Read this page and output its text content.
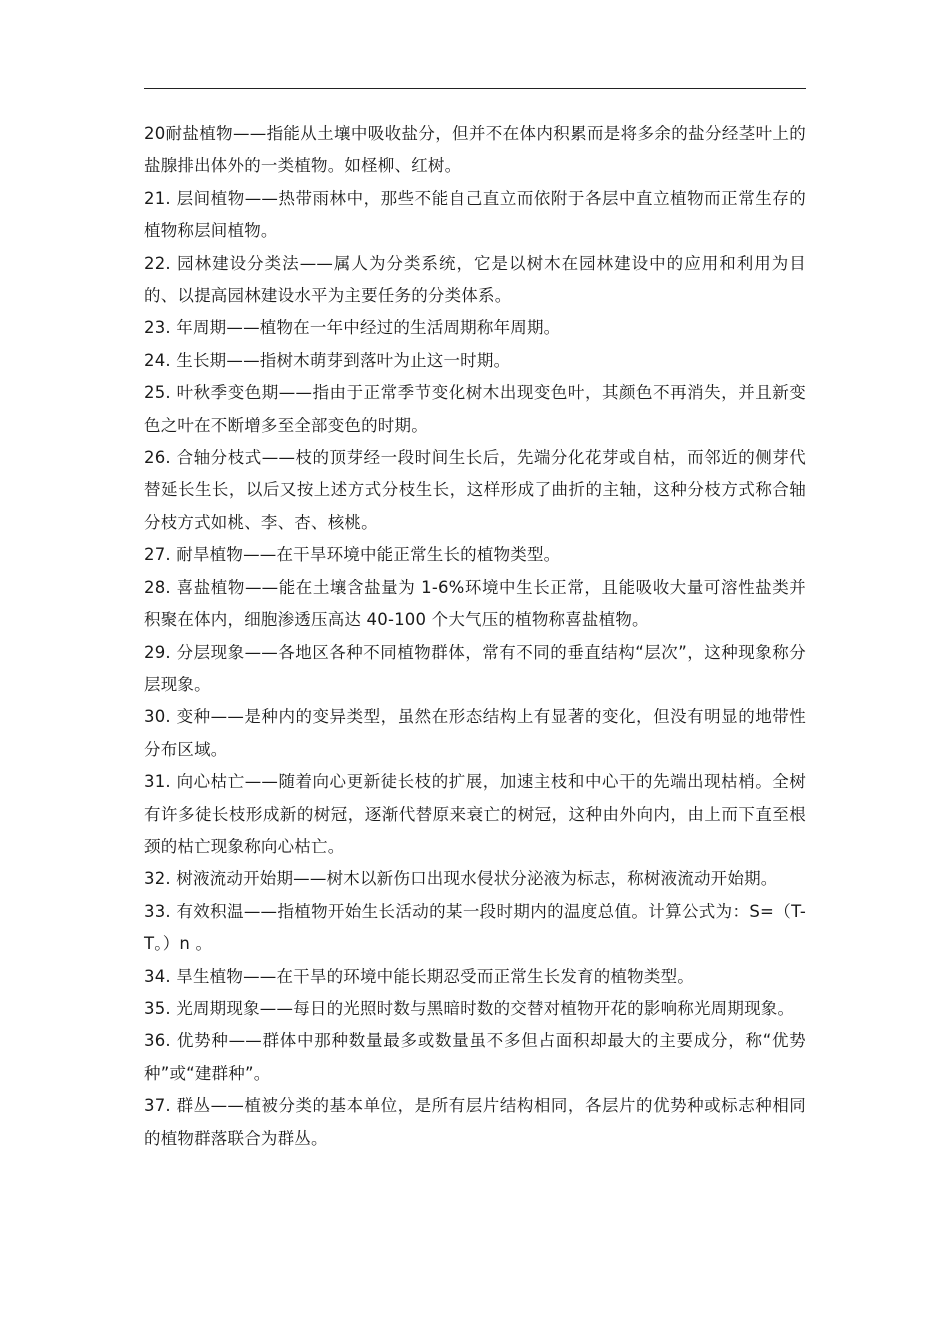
20耐盐植物——指能从土壤中吸收盐分，但并不在体内积累而是将多余的盐分经茎叶上的盐腺排出体外的一类植物。如柽柳、红树。

21. 层间植物——热带雨林中，那些不能自己直立而依附于各层中直立植物而正常生存的植物称层间植物。

22. 园林建设分类法——属人为分类系统，它是以树木在园林建设中的应用和利用为目的、以提高园林建设水平为主要任务的分类体系。

23. 年周期——植物在一年中经过的生活周期称年周期。

24. 生长期——指树木萌芽到落叶为止这一时期。

25. 叶秋季变色期——指由于正常季节变化树木出现变色叶，其颜色不再消失，并且新变色之叶在不断增多至全部变色的时期。

26. 合轴分枝式——枝的顶芽经一段时间生长后，先端分化花芽或自枯，而邻近的侧芽代替延长生长，以后又按上述方式分枝生长，这样形成了曲折的主轴，这种分枝方式称合轴分枝方式如桃、李、杏、核桃。

27. 耐旱植物——在干旱环境中能正常生长的植物类型。

28. 喜盐植物——能在土壤含盐量为 1-6%环境中生长正常，且能吸收大量可溶性盐类并积聚在体内，细胞渗透压高达 40-100 个大气压的植物称喜盐植物。

29. 分层现象——各地区各种不同植物群体，常有不同的垂直结构“层次”，这种现象称分层现象。

30. 变种——是种内的变异类型，虽然在形态结构上有显著的变化，但没有明显的地带性分布区域。

31. 向心枯亡——随着向心更新徒长枝的扩展，加速主枝和中心干的先端出现枯梢。全树有许多徒长枝形成新的树冠，逐渐代替原来衰亡的树冠，这种由外向内，由上而下直至根颈的枯亡现象称向心枯亡。

32. 树液流动开始期——树木以新伤口出现水侵状分泌液为标志，称树液流动开始期。

33. 有效积温——指植物开始生长活动的某一段时期内的温度总值。计算公式为：S=（T-T。）n 。

34. 旱生植物——在干旱的环境中能长期忍受而正常生长发育的植物类型。

35. 光周期现象——每日的光照时数与黑暗时数的交替对植物开花的影响称光周期现象。

36. 优势种——群体中那种数量最多或数量虽不多但占面积却最大的主要成分，称“优势种”或“建群种”。

37. 群丛——植被分类的基本单位，是所有层片结构相同，各层片的优势种或标志种相同的植物群落联合为群丛。
